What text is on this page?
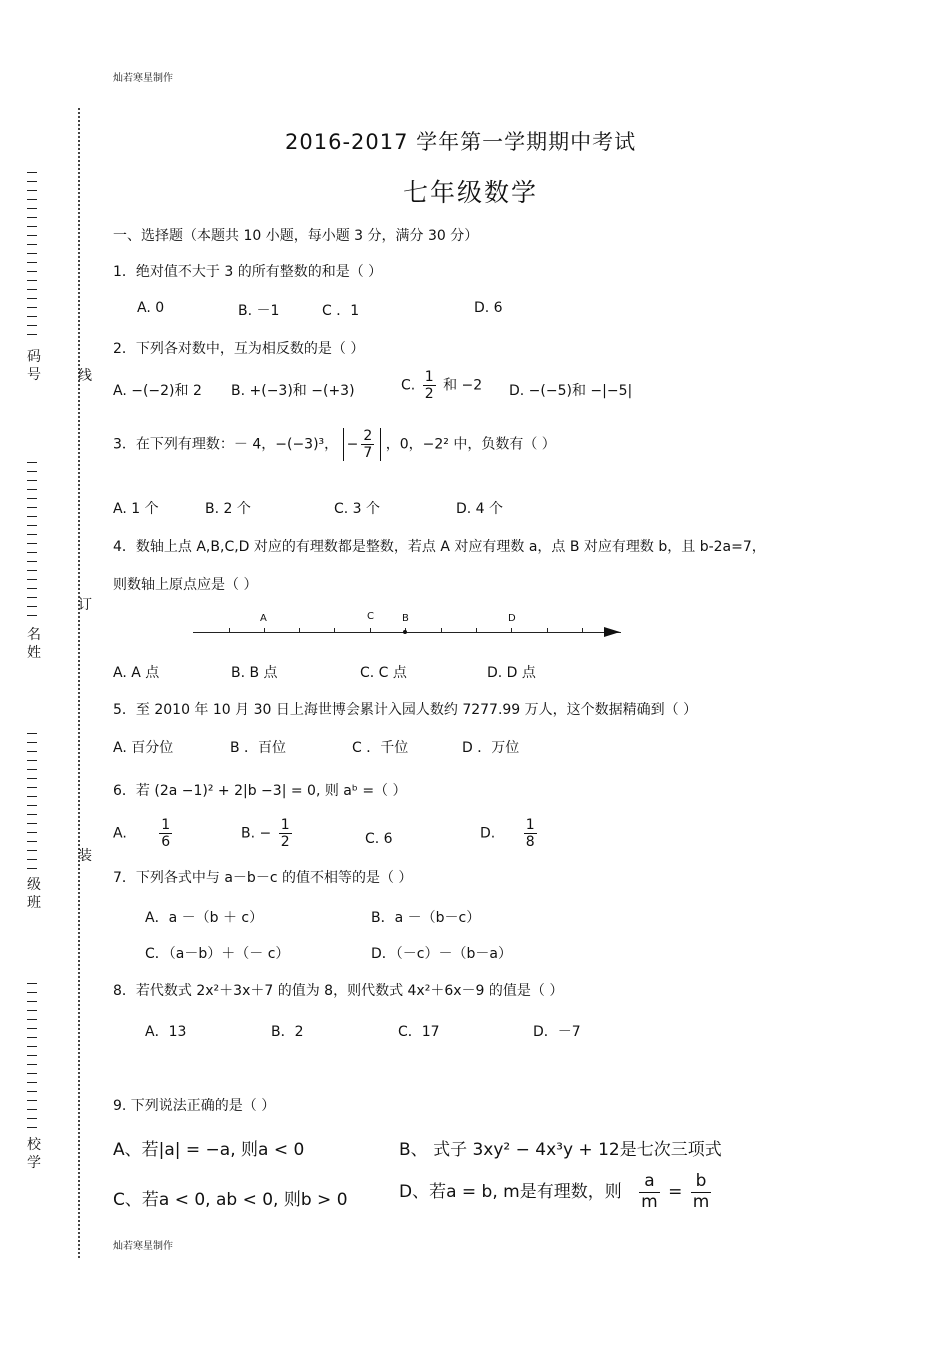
灿若寒星制作
灿若寒星制作
码
号
名
姓
级
班
校
学
线
订
装
2016-2017 学年第一学期期中考试
七年级数学
一、选择题（本题共 10 小题，每小题 3 分，满分 30 分）
1．绝对值不大于 3 的所有整数的和是（ ）
A. 0	B. －1	C ．1	D. 6
2．下列各对数中，互为相反数的是（ ）
A. −(−2)和 2 B. +(−3)和 −(+3)	C. $\frac{1}{2}$ 和 −2 D. −(−5)和 −|−5|
3．在下列有理数：－ 4，−(−3)³， − $\frac{2}{7}$ ，0，−2² 中，负数有（ ）
A. 1 个	B. 2 个	C. 3 个	D. 4 个
4．数轴上点 A,B,C,D 对应的有理数都是整数，若点 A 对应有理数 a，点 B 对应有理数 b，且 b-2a=7，
则数轴上原点应是（ ）
A	C	B	D
A. A 点	B. B 点	C. C 点	D. D 点
5．至 2010 年 10 月 30 日上海世博会累计入园人数约 7277.99 万人，这个数据精确到（ ）
A. 百分位	B ．百位	C ．千位	D ．万位
6．若 (2a −1)² + 2|b −3| = 0, 则 aᵇ =（ ）
A. $\frac{1}{6}$	B. − $\frac{1}{2}$	C. 6	D. $\frac{1}{8}$
7．下列各式中与 a－b－c 的值不相等的是（ ）
A．a －（b ＋ c）	B．a －（b－c）
C．（a－b）＋（－ c）	D．（－c）－（b－a）
8．若代数式 2x²＋3x＋7 的值为 8，则代数式 4x²＋6x－9 的值是（ ）
A．13	B．2	C．17	D．－7
9. 下列说法正确的是（ ）
A、若|a| = −a, 则a < 0	B、 式子 3xy² − 4x³y + 12是七次三项式
C、若a < 0, ab < 0, 则b > 0	D、若a = b, m是有理数，则 $\frac{a}{m} = \frac{b}{m}$
